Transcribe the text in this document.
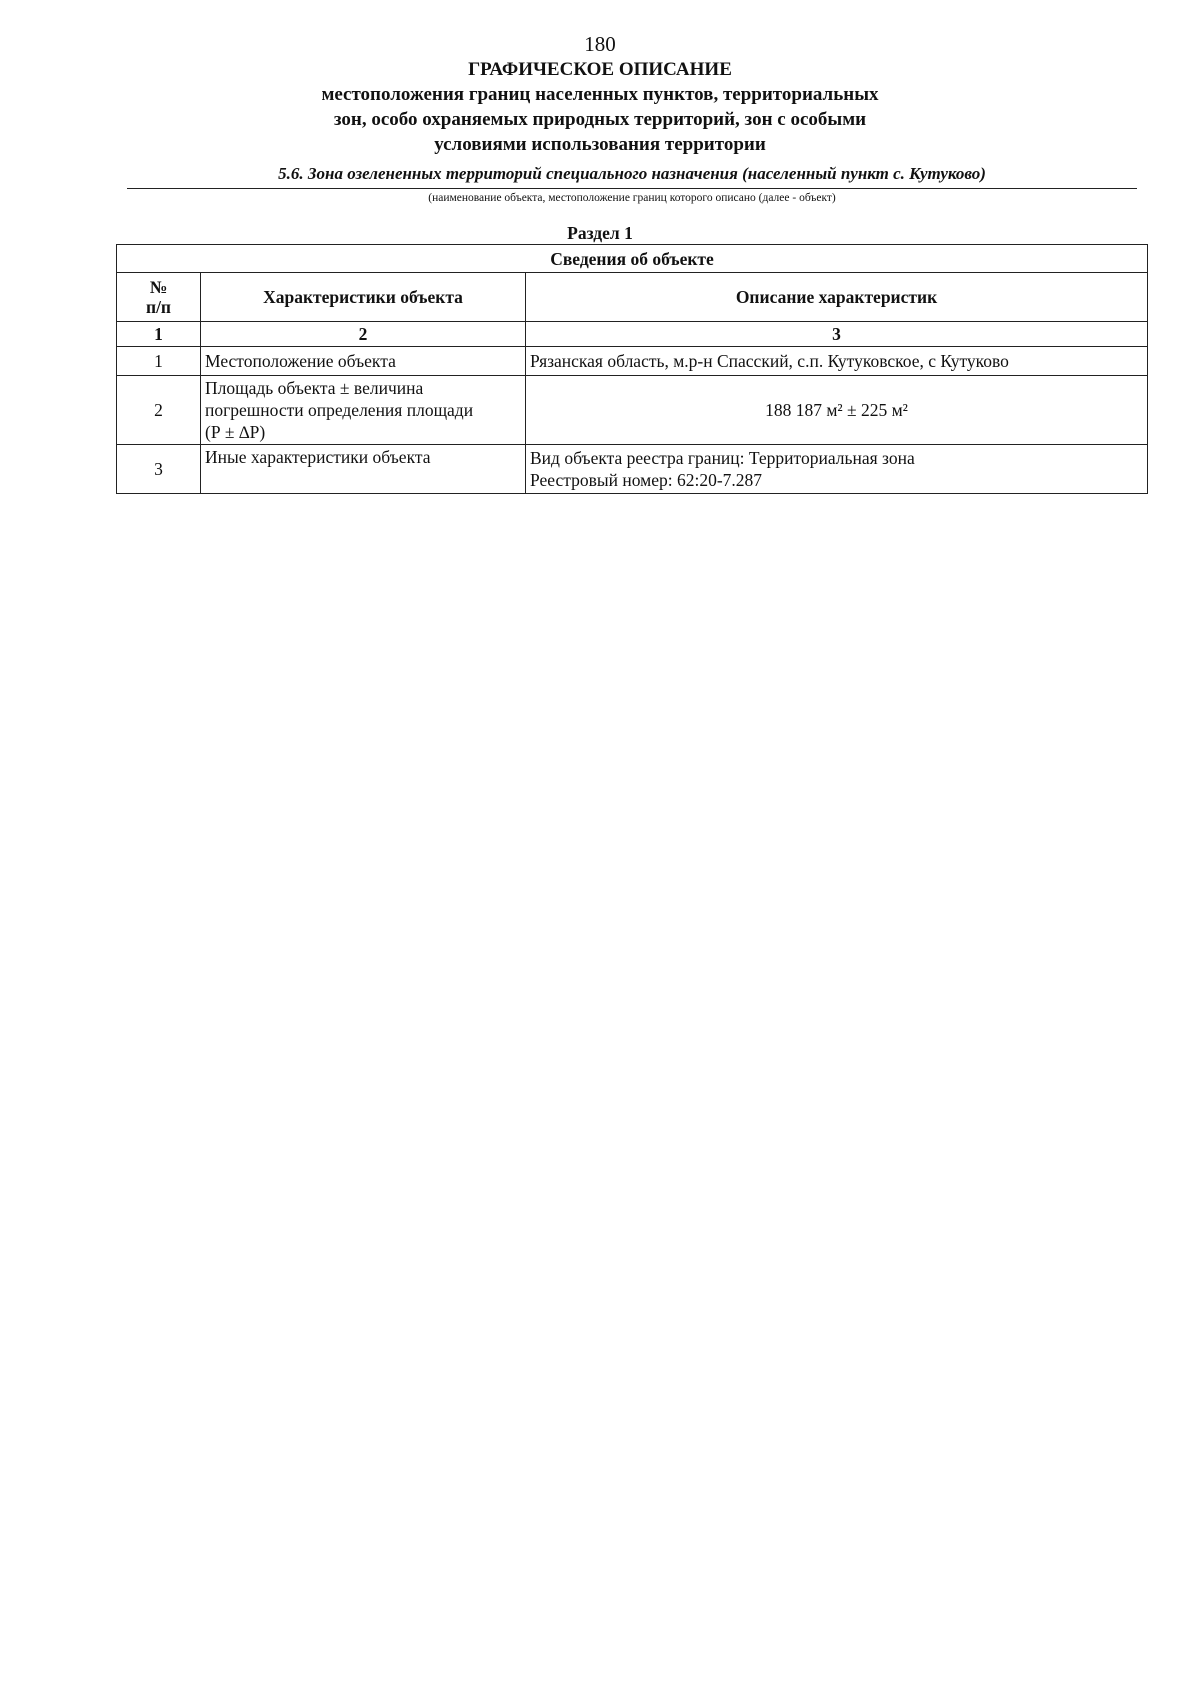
180
ГРАФИЧЕСКОЕ ОПИСАНИЕ
местоположения границ населенных пунктов, территориальных
зон, особо охраняемых природных территорий, зон с особыми
условиями использования территории
5.6. Зона озелененных территорий специального назначения (населенный пункт с. Кутуково)
(наименование объекта, местоположение границ которого описано (далее - объект)
Раздел 1
Сведения об объекте		

№
п/п	Характеристики объекта	Описание характеристик
1	2	3
1	Местоположение объекта	Рязанская область, м.р-н Спасский, с.п. Кутуковское, с Кутуково
2	Площадь объекта ± величина
погрешности определения площади
(Р ± ∆Р)	188 187 м² ± 225 м²
3	Иные характеристики объекта	Вид объекта реестра границ: Территориальная зона
Реестровый номер: 62:20-7.287
